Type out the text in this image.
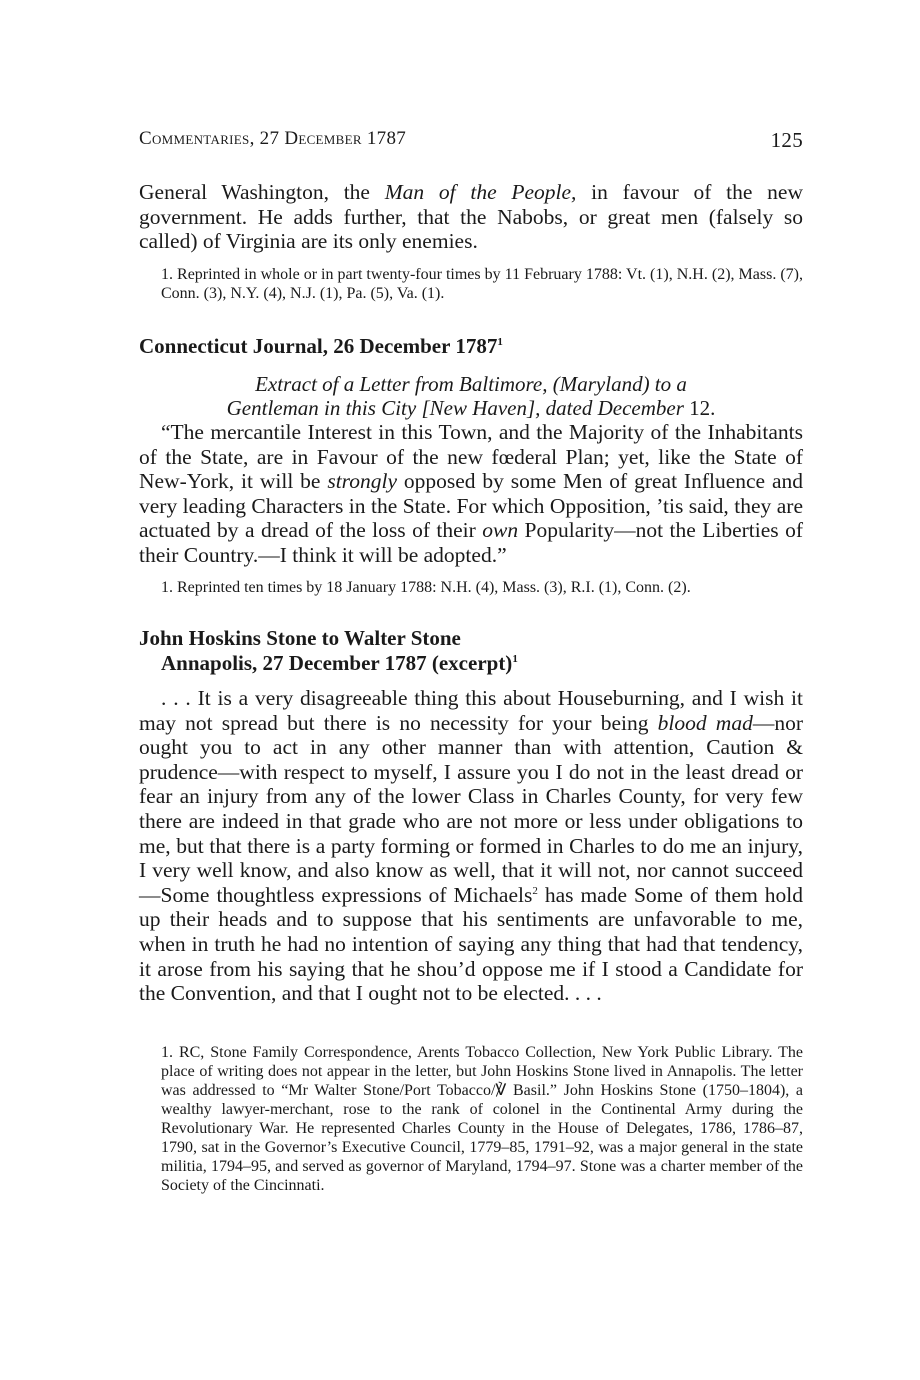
Commentaries, 27 December 1787	125
General Washington, the Man of the People, in favour of the new government. He adds further, that the Nabobs, or great men (falsely so called) of Virginia are its only enemies.
1. Reprinted in whole or in part twenty-four times by 11 February 1788: Vt. (1), N.H. (2), Mass. (7), Conn. (3), N.Y. (4), N.J. (1), Pa. (5), Va. (1).
Connecticut Journal, 26 December 1787$^1$
Extract of a Letter from Baltimore, (Maryland) to a
Gentleman in this City [New Haven], dated December 12.
“The mercantile Interest in this Town, and the Majority of the Inhabitants of the State, are in Favour of the new fœderal Plan; yet, like the State of New-York, it will be strongly opposed by some Men of great Influence and very leading Characters in the State. For which Opposition, ’tis said, they are actuated by a dread of the loss of their own Popularity—not the Liberties of their Country.—I think it will be adopted.”
1. Reprinted ten times by 18 January 1788: N.H. (4), Mass. (3), R.I. (1), Conn. (2).
John Hoskins Stone to Walter Stone
Annapolis, 27 December 1787 (excerpt)$^1$
. . . It is a very disagreeable thing this about Houseburning, and I wish it may not spread but there is no necessity for your being blood mad—nor ought you to act in any other manner than with attention, Caution & prudence—with respect to myself, I assure you I do not in the least dread or fear an injury from any of the lower Class in Charles County, for very few there are indeed in that grade who are not more or less under obligations to me, but that there is a party forming or formed in Charles to do me an injury, I very well know, and also know as well, that it will not, nor cannot succeed—Some thoughtless expressions of Michaels$^2$ has made Some of them hold up their heads and to suppose that his sentiments are unfavorable to me, when in truth he had no intention of saying any thing that had that tendency, it arose from his saying that he shou’d oppose me if I stood a Candidate for the Convention, and that I ought not to be elected. . . .
1. RC, Stone Family Correspondence, Arents Tobacco Collection, New York Public Library. The place of writing does not appear in the letter, but John Hoskins Stone lived in Annapolis. The letter was addressed to “Mr Walter Stone/Port Tobacco/℣ Basil.” John Hoskins Stone (1750–1804), a wealthy lawyer-merchant, rose to the rank of colonel in the Continental Army during the Revolutionary War. He represented Charles County in the House of Delegates, 1786, 1786–87, 1790, sat in the Governor’s Executive Council, 1779–85, 1791–92, was a major general in the state militia, 1794–95, and served as governor of Maryland, 1794–97. Stone was a charter member of the Society of the Cincinnati.
